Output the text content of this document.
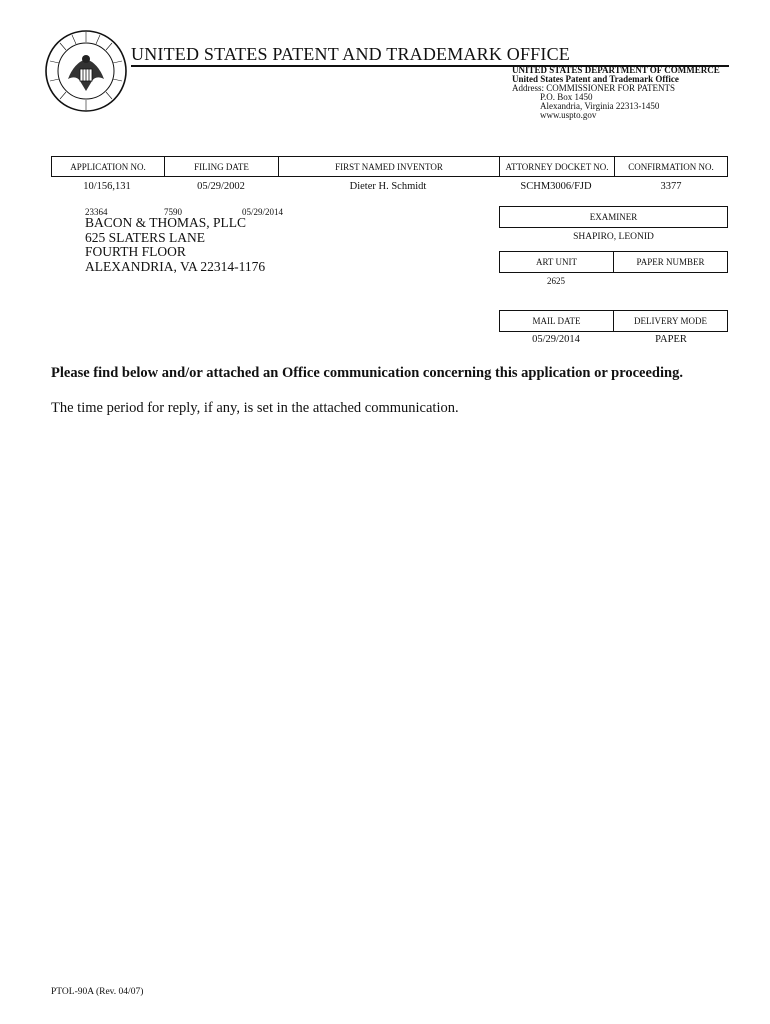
UNITED STATES PATENT AND TRADEMARK OFFICE
UNITED STATES DEPARTMENT OF COMMERCE
United States Patent and Trademark Office
Address: COMMISSIONER FOR PATENTS
P.O. Box 1450
Alexandria, Virginia 22313-1450
www.uspto.gov
APPLICATION NO.	FILING DATE	FIRST NAMED INVENTOR	ATTORNEY DOCKET NO.	CONFIRMATION NO.
10/156,131	05/29/2002	Dieter H. Schmidt	SCHM3006/FJD	3377
23364	7590	05/29/2014
BACON & THOMAS, PLLC
625 SLATERS LANE
FOURTH FLOOR
ALEXANDRIA, VA 22314-1176
EXAMINER
SHAPIRO, LEONID
ART UNIT	PAPER NUMBER
2625
MAIL DATE	DELIVERY MODE
05/29/2014	PAPER
Please find below and/or attached an Office communication concerning this application or proceeding.
The time period for reply, if any, is set in the attached communication.
PTOL-90A (Rev. 04/07)
